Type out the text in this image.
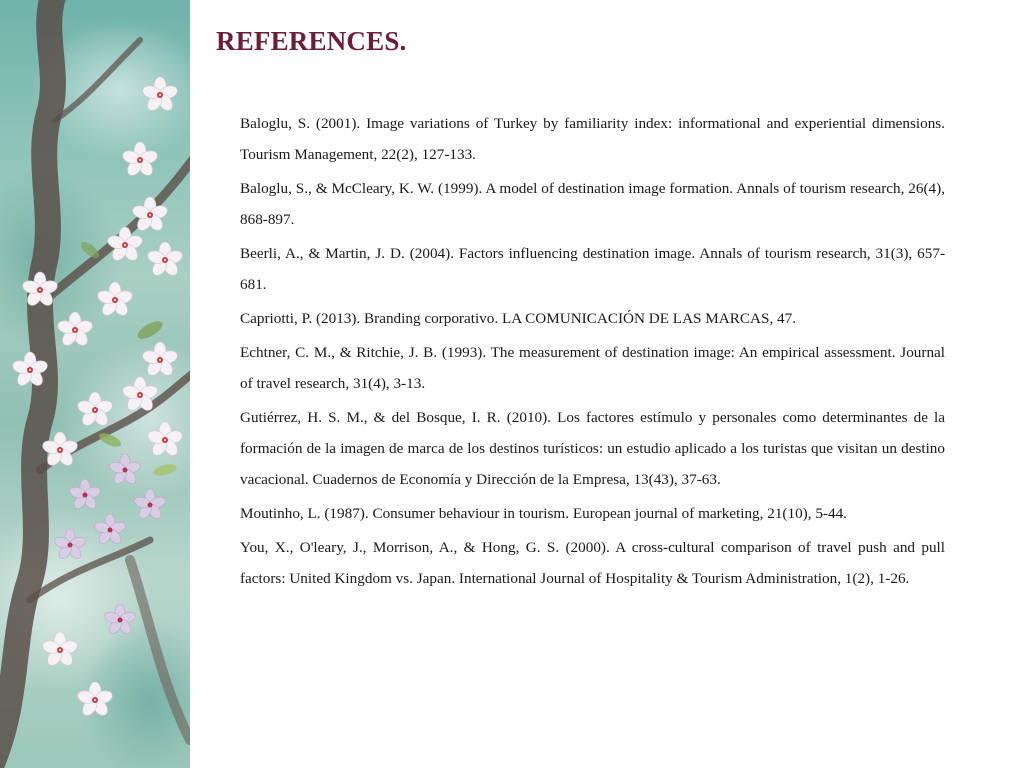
REFERENCES.
Baloglu, S. (2001). Image variations of Turkey by familiarity index: informational and experiential dimensions. Tourism Management, 22(2), 127-133.
Baloglu, S., & McCleary, K. W. (1999). A model of destination image formation. Annals of tourism research, 26(4), 868-897.
Beerli, A., & Martin, J. D. (2004). Factors influencing destination image. Annals of tourism research, 31(3), 657-681.
Capriotti, P. (2013). Branding corporativo. LA COMUNICACIÓN DE LAS MARCAS, 47.
Echtner, C. M., & Ritchie, J. B. (1993). The measurement of destination image: An empirical assessment. Journal of travel research, 31(4), 3-13.
Gutiérrez, H. S. M., & del Bosque, I. R. (2010). Los factores estímulo y personales como determinantes de la formación de la imagen de marca de los destinos turísticos: un estudio aplicado a los turistas que visitan un destino vacacional. Cuadernos de Economía y Dirección de la Empresa, 13(43), 37-63.
Moutinho, L. (1987). Consumer behaviour in tourism. European journal of marketing, 21(10), 5-44.
You, X., O'leary, J., Morrison, A., & Hong, G. S. (2000). A cross-cultural comparison of travel push and pull factors: United Kingdom vs. Japan. International Journal of Hospitality & Tourism Administration, 1(2), 1-26.
